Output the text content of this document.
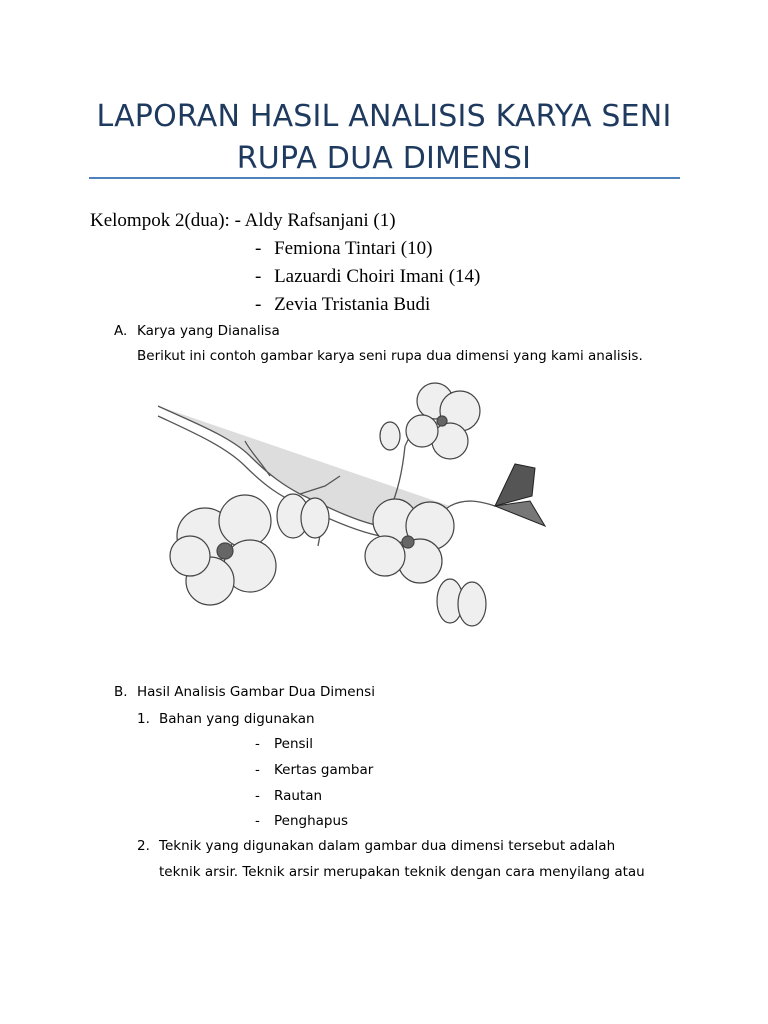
LAPORAN HASIL ANALISIS KARYA SENI
RUPA DUA DIMENSI
Kelompok 2(dua): - Aldy Rafsanjani (1)
- Femiona Tintari (10)
- Lazuardi Choiri Imani (14)
- Zevia Tristania Budi
A. Karya yang Dianalisa
Berikut ini contoh gambar karya seni rupa dua dimensi yang kami analisis.
B. Hasil Analisis Gambar Dua Dimensi
1. Bahan yang digunakan
- Pensil
- Kertas gambar
- Rautan
- Penghapus
2. Teknik yang digunakan dalam gambar dua dimensi tersebut adalah
teknik arsir. Teknik arsir merupakan teknik dengan cara menyilang atau
